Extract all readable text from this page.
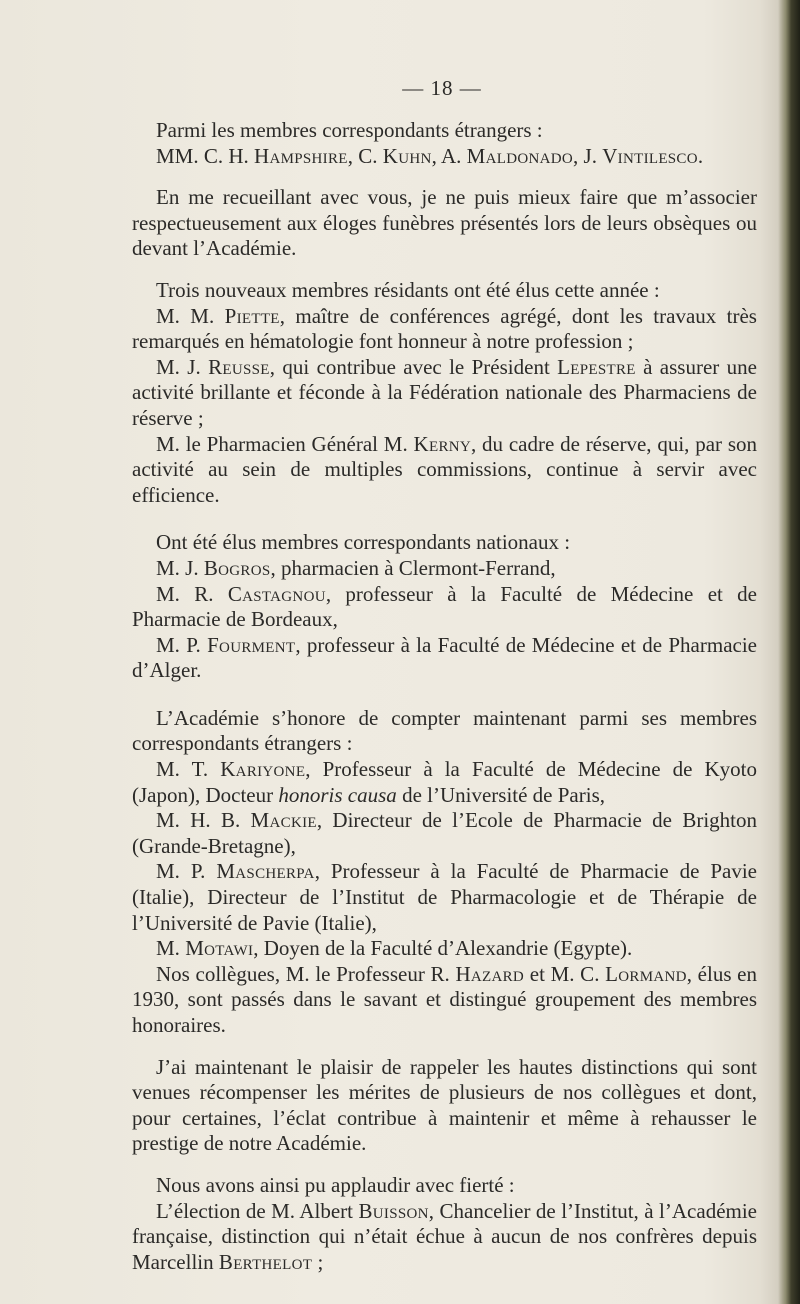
— 18 —

Parmi les membres correspondants étrangers :

MM. C. H. Hampshire, C. Kuhn, A. Maldonado, J. Vintilesco.

En me recueillant avec vous, je ne puis mieux faire que m’associer respectueusement aux éloges funèbres présentés lors de leurs obsèques ou devant l’Académie.

Trois nouveaux membres résidants ont été élus cette année :

M. M. Piette, maître de conférences agrégé, dont les travaux très remarqués en hématologie font honneur à notre profession ;

M. J. Reusse, qui contribue avec le Président Lepestre à assurer une activité brillante et féconde à la Fédération nationale des Pharmaciens de réserve ;

M. le Pharmacien Général M. Kerny, du cadre de réserve, qui, par son activité au sein de multiples commissions, continue à servir avec efficience.

Ont été élus membres correspondants nationaux :

M. J. Bogros, pharmacien à Clermont-Ferrand,

M. R. Castagnou, professeur à la Faculté de Médecine et de Pharmacie de Bordeaux,

M. P. Fourment, professeur à la Faculté de Médecine et de Pharmacie d’Alger.

L’Académie s’honore de compter maintenant parmi ses membres correspondants étrangers :

M. T. Kariyone, Professeur à la Faculté de Médecine de Kyoto (Japon), Docteur honoris causa de l’Université de Paris,

M. H. B. Mackie, Directeur de l’Ecole de Pharmacie de Brighton (Grande-Bretagne),

M. P. Mascherpa, Professeur à la Faculté de Pharmacie de Pavie (Italie), Directeur de l’Institut de Pharmacologie et de Thérapie de l’Université de Pavie (Italie),

M. Motawi, Doyen de la Faculté d’Alexandrie (Egypte).

Nos collègues, M. le Professeur R. Hazard et M. C. Lormand, élus en 1930, sont passés dans le savant et distingué groupement des membres honoraires.

J’ai maintenant le plaisir de rappeler les hautes distinctions qui sont venues récompenser les mérites de plusieurs de nos collègues et dont, pour certaines, l’éclat contribue à maintenir et même à rehausser le prestige de notre Académie.

Nous avons ainsi pu applaudir avec fierté :

L’élection de M. Albert Buisson, Chancelier de l’Institut, à l’Académie française, distinction qui n’était échue à aucun de nos confrères depuis Marcellin Berthelot ;
